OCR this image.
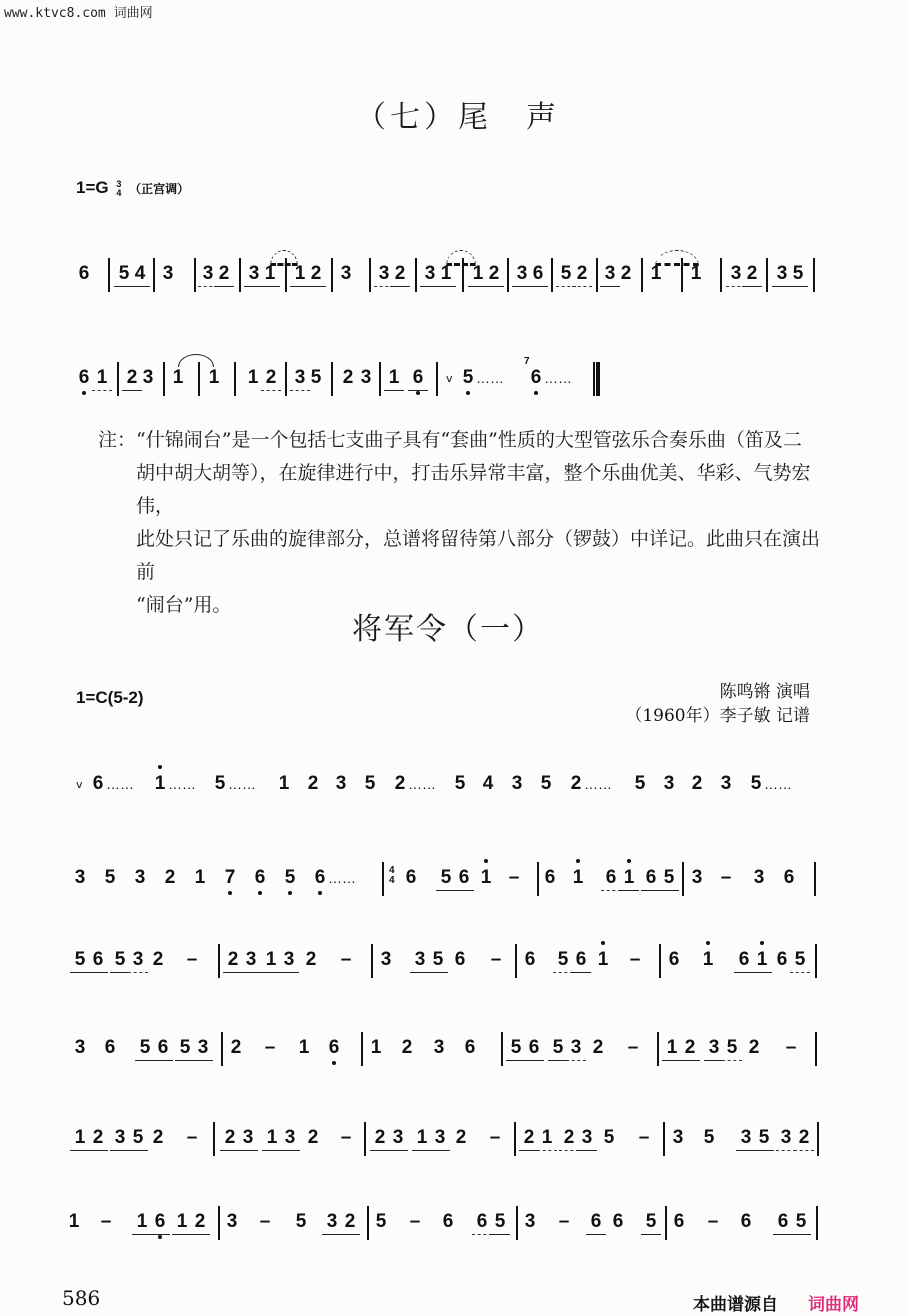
www.ktvc8.com 词曲网
（七）尾　声
1=G 3
4 （正宫调）
6 5 4 3 3 2 3 1 1 2 3 3 2 3 1 1 2 3 6 5 2 3 2 1 1 3 2 3 5
6 1 2 3 1 1 1 2 3 5 2 3 1 6 ⅴ 5 ……
7
6 ……
注：“什锦闹台”是一个包括七支曲子具有“套曲”性质的大型管弦乐合奏乐曲（笛及二
胡中胡大胡等），在旋律进行中，打击乐异常丰富，整个乐曲优美、华彩、气势宏伟，
此处只记了乐曲的旋律部分，总谱将留待第八部分（锣鼓）中详记。此曲只在演出前
“闹台”用。
将军令（一）
1=C(5-2)	陈鸣锵 演唱
（1960年）李子敏 记谱
ⅴ 6 …… 1 …… 5 …… 1 2 3 5 2 …… 5 4 3 5 2 …… 5 3 2 3 5 ……
3 5 3 2 1 7 6 5 6 ……	4
4 6 5 6 1 – 6 1 6 1 6 5 3 – 3 6
5 6 5 3 2 – 2 3 1 3 2 – 3 3 5 6 – 6 5 6 1 – 6 1 6 1 6 5
3 6 5 6 5 3 2 – 1 6 1 2 3 6 5 6 5 3 2 – 1 2 3 5 2 –
1 2 3 5 2 – 2 3 1 3 2 – 2 3 1 3 2 – 2 1 2 3 5 – 3 5 3 5 3 2
1 – 1 6 1 2 3 – 5 3 2 5 – 6 6 5 3 – 6 6 5 6 – 6 6 5
586	本曲谱源自 词曲网
